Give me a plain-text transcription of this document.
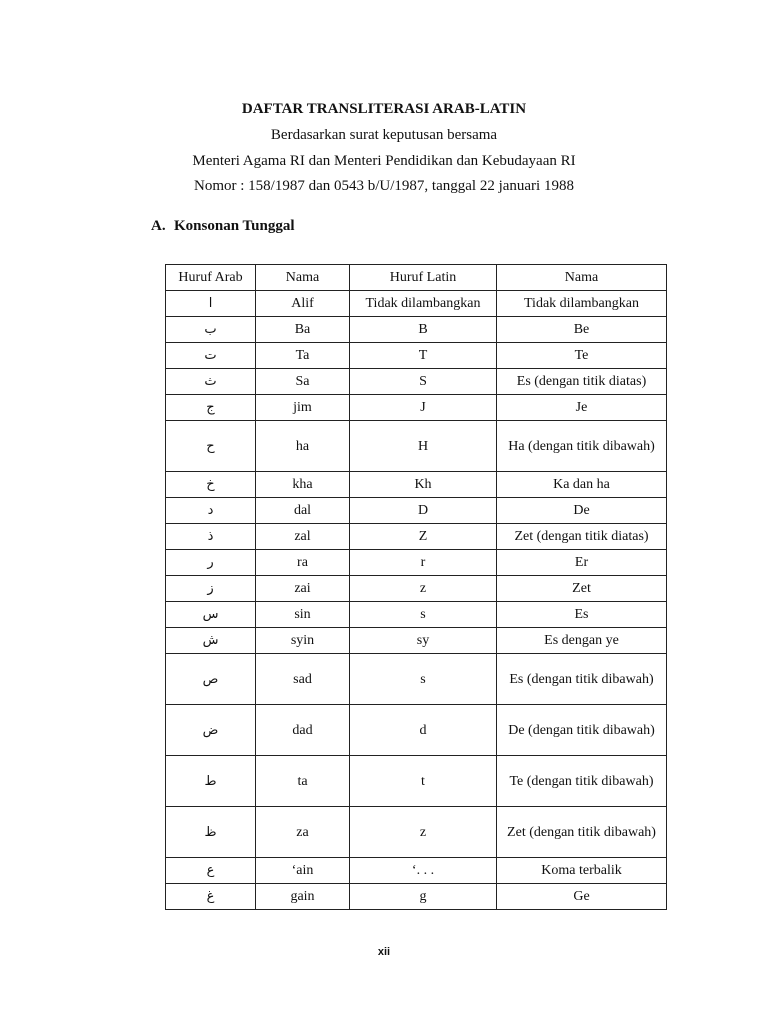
DAFTAR TRANSLITERASI ARAB-LATIN
Berdasarkan surat keputusan bersama
Menteri Agama RI dan Menteri Pendidikan dan Kebudayaan RI
Nomor : 158/1987 dan 0543 b/U/1987, tanggal 22 januari 1988
A. Konsonan Tunggal
Huruf Arab	Nama	Huruf Latin	Nama
ا	Alif	Tidak dilambangkan	Tidak dilambangkan
ب	Ba	B	Be
ت	Ta	T	Te
ث	Sa	S	Es (dengan titik diatas)
ج	jim	J	Je
ح	ha	H	Ha (dengan titik dibawah)
خ	kha	Kh	Ka dan ha
د	dal	D	De
ذ	zal	Z	Zet (dengan titik diatas)
ر	ra	r	Er
ز	zai	z	Zet
س	sin	s	Es
ش	syin	sy	Es dengan ye
ص	sad	s	Es (dengan titik dibawah)
ض	dad	d	De (dengan titik dibawah)
ط	ta	t	Te (dengan titik dibawah)
ظ	za	z	Zet (dengan titik dibawah)
ع	‘ain	‘. . .	Koma terbalik
غ	gain	g	Ge
xii
